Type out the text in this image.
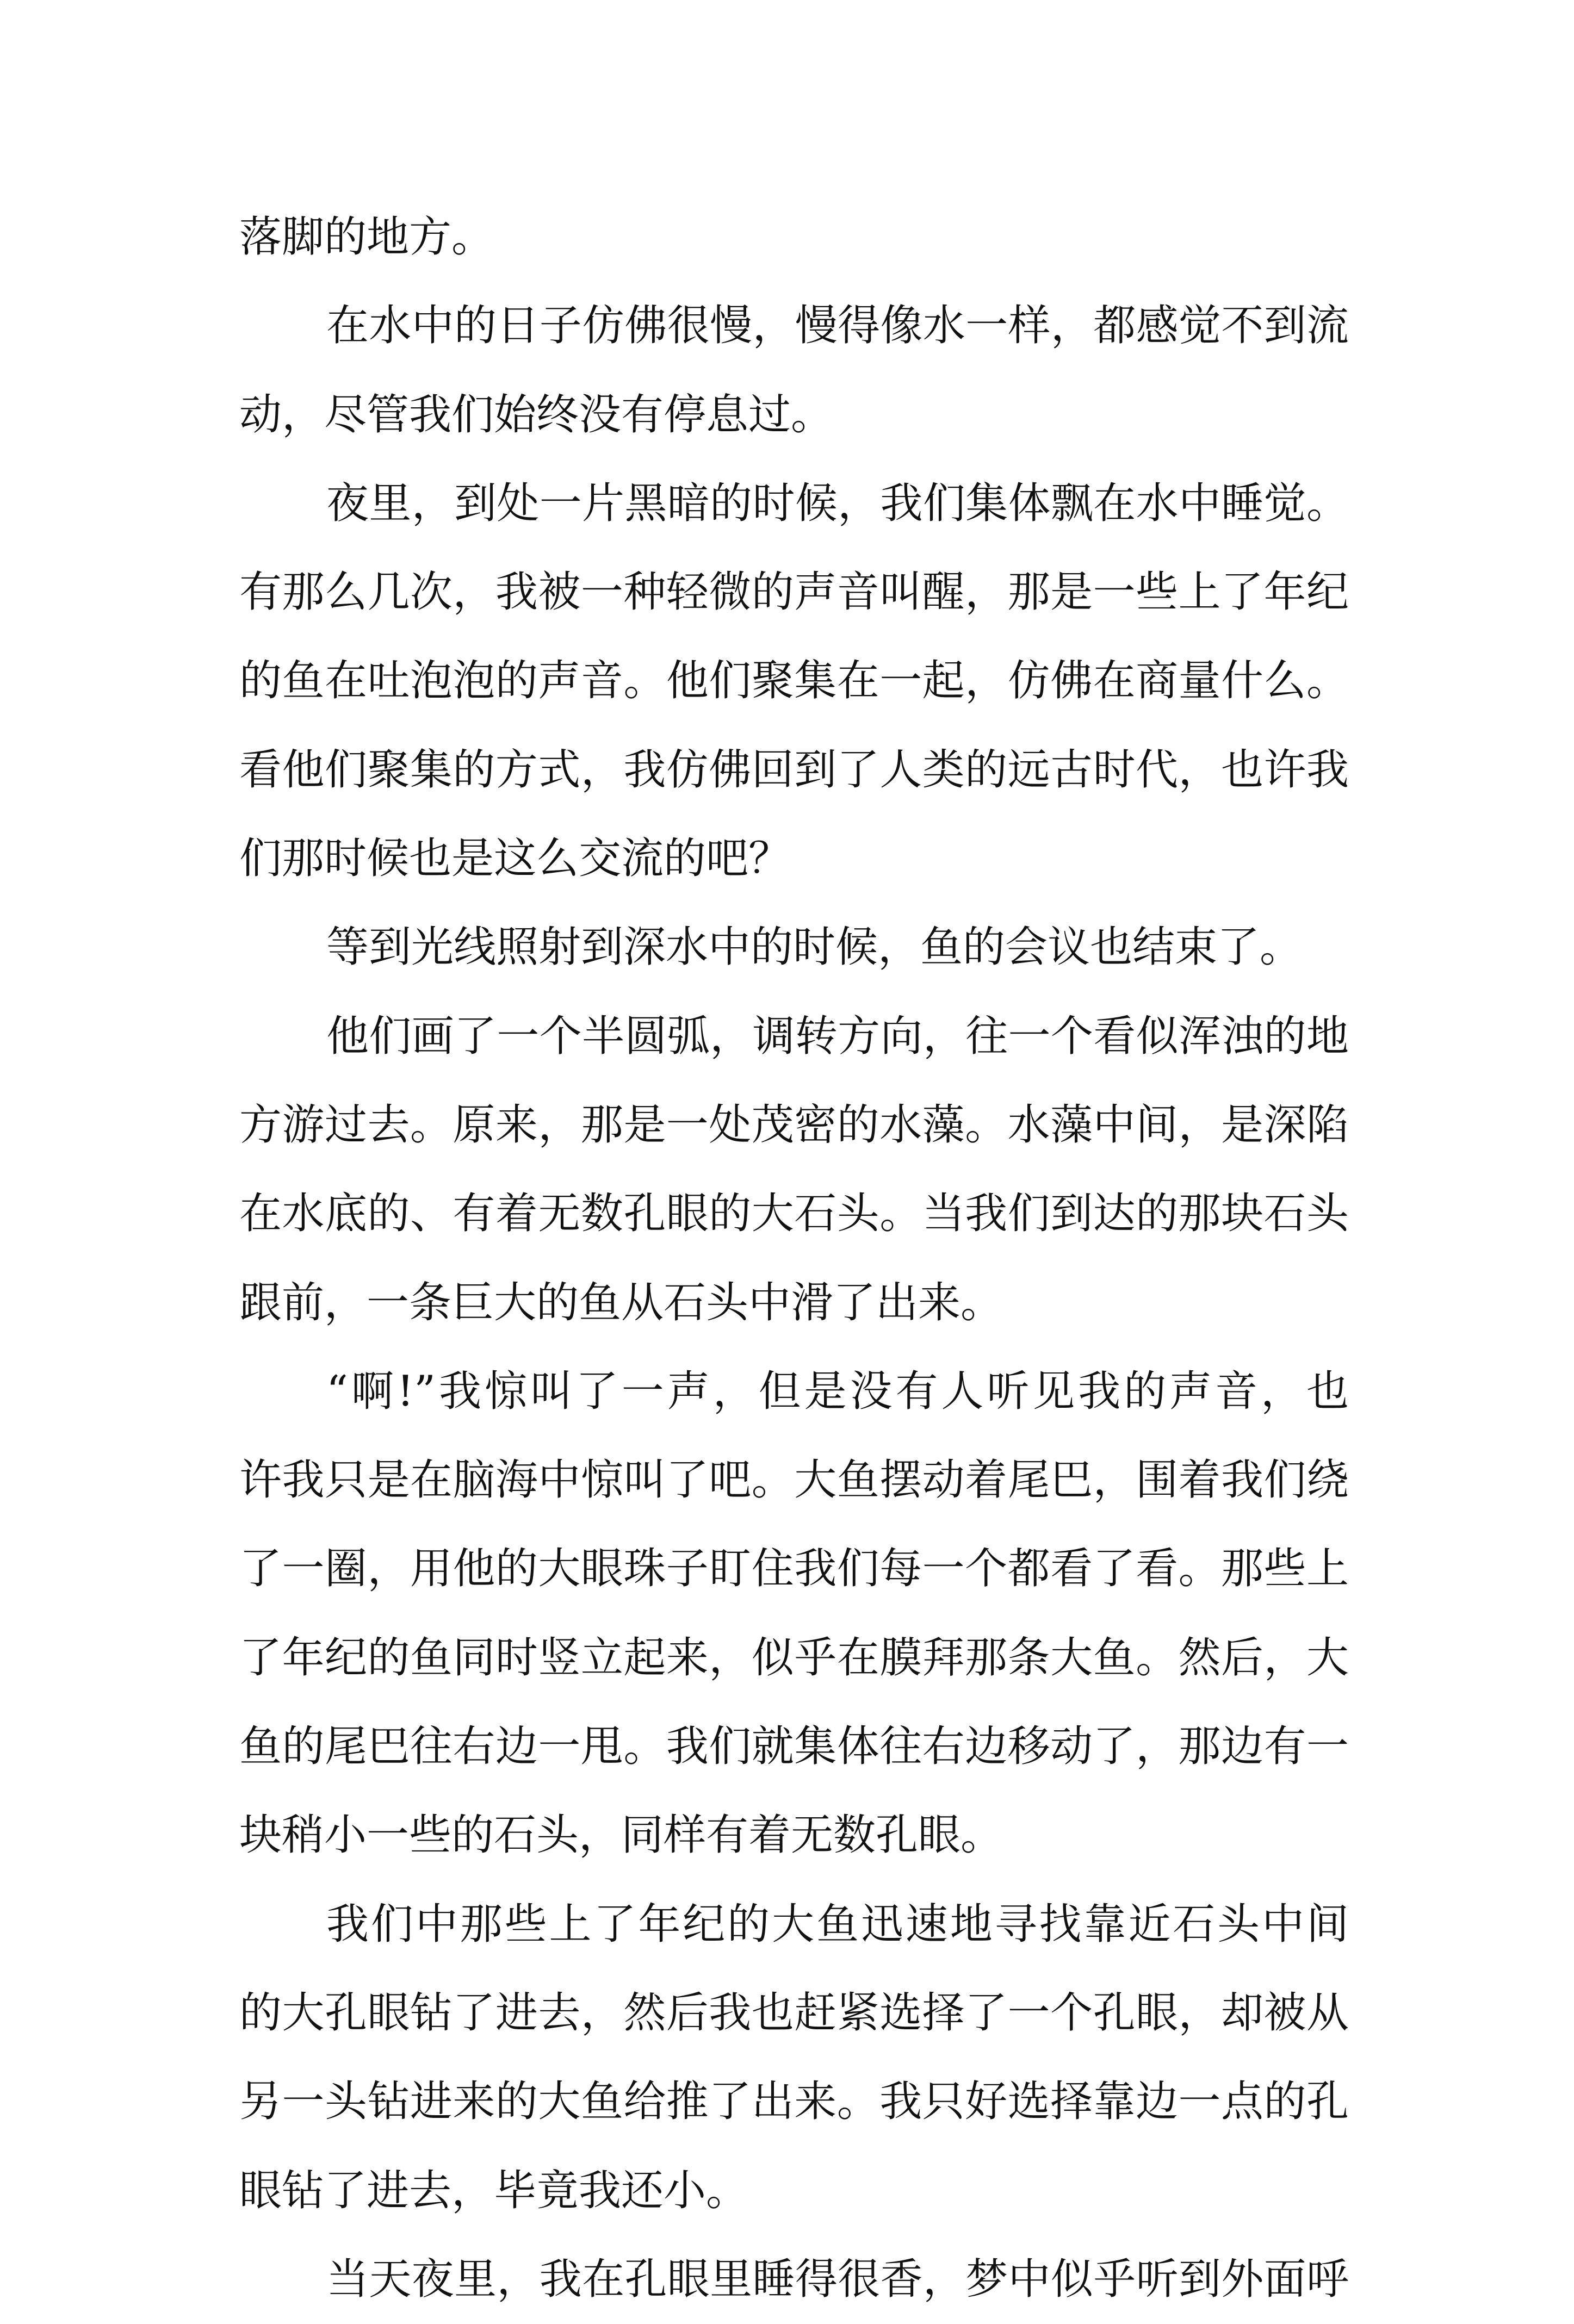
落脚的地方。
在水中的日子仿佛很慢，慢得像水一样，都感觉不到流
动，尽管我们始终没有停息过。
夜里，到处一片黑暗的时候，我们集体飘在水中睡觉。
有那么几次，我被一种轻微的声音叫醒，那是一些上了年纪
的鱼在吐泡泡的声音。他们聚集在一起，仿佛在商量什么。
看他们聚集的方式，我仿佛回到了人类的远古时代，也许我
们那时候也是这么交流的吧？
等到光线照射到深水中的时候，鱼的会议也结束了。
他们画了一个半圆弧，调转方向，往一个看似浑浊的地
方游过去。原来，那是一处茂密的水藻。水藻中间，是深陷
在水底的、有着无数孔眼的大石头。当我们到达的那块石头
跟前，一条巨大的鱼从石头中滑了出来。
“啊!”我惊叫了一声，但是没有人听见我的声音，也
许我只是在脑海中惊叫了吧。大鱼摆动着尾巴，围着我们绕
了一圈，用他的大眼珠子盯住我们每一个都看了看。那些上
了年纪的鱼同时竖立起来，似乎在膜拜那条大鱼。然后，大
鱼的尾巴往右边一甩。我们就集体往右边移动了，那边有一
块稍小一些的石头，同样有着无数孔眼。
我们中那些上了年纪的大鱼迅速地寻找靠近石头中间
的大孔眼钻了进去，然后我也赶紧选择了一个孔眼，却被从
另一头钻进来的大鱼给推了出来。我只好选择靠边一点的孔
眼钻了进去，毕竟我还小。
当天夜里，我在孔眼里睡得很香，梦中似乎听到外面呼
